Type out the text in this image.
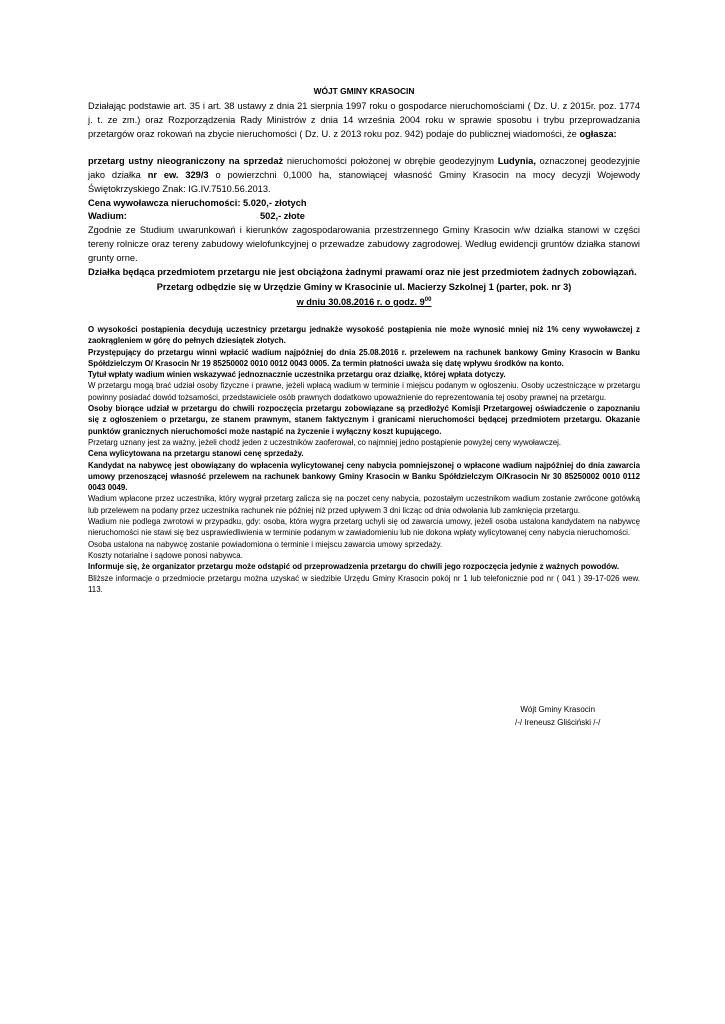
WÓJT GMINY KRASOCIN

Działając podstawie art. 35 i art. 38 ustawy z dnia 21 sierpnia 1997 roku o gospodarce nieruchomościami ( Dz. U. z 2015r. poz. 1774 j. t. ze zm.) oraz Rozporządzenia Rady Ministrów z dnia 14 września 2004 roku w sprawie sposobu i trybu przeprowadzania przetargów oraz rokowań na zbycie nieruchomości ( Dz. U. z 2013 roku poz. 942) podaje do publicznej wiadomości, że ogłasza:

przetarg ustny nieograniczony na sprzedaż nieruchomości położonej w obrębie geodezyjnym Ludynia, oznaczonej geodezyjnie jako działka nr ew. 329/3 o powierzchni 0,1000 ha, stanowiącej własność Gminy Krasocin na mocy decyzji Wojewody Świętokrzyskiego Znak: IG.IV.7510.56.2013.

Cena wywoławcza nieruchomości: 5.020,- złotych

Wadium:	502,- złote

Zgodnie ze Studium uwarunkowań i kierunków zagospodarowania przestrzennego Gminy Krasocin w/w działka stanowi w części tereny rolnicze oraz tereny zabudowy wielofunkcyjnej o przewadze zabudowy zagrodowej. Według ewidencji gruntów działka stanowi grunty orne.

Działka będąca przedmiotem przetargu nie jest obciążona żadnymi prawami oraz nie jest przedmiotem żadnych zobowiązań.

Przetarg odbędzie się w Urzędzie Gminy w Krasocinie ul. Macierzy Szkolnej 1 (parter, pok. nr 3)

w dniu 30.08.2016 r. o godz. $9^{00}$

O wysokości postąpienia decydują uczestnicy przetargu jednakże wysokość postąpienia nie może wynosić mniej niż 1% ceny wywoławczej z zaokrągleniem w górę do pełnych dziesiątek złotych.

Przystępujący do przetargu winni wpłacić wadium najpóźniej do dnia 25.08.2016 r. przelewem na rachunek bankowy Gminy Krasocin w Banku Spółdzielczym O/ Krasocin Nr 19 85250002 0010 0012 0043 0005. Za termin płatności uważa się datę wpływu środków na konto.

Tytuł wpłaty wadium winien wskazywać jednoznacznie uczestnika przetargu oraz działkę, której wpłata dotyczy.

W przetargu mogą brać udział osoby fizyczne i prawne, jeżeli wpłacą wadium w terminie i miejscu podanym w ogłoszeniu. Osoby uczestniczące w przetargu powinny posiadać dowód tożsamości, przedstawiciele osób prawnych dodatkowo upoważnienie do reprezentowania tej osoby prawnej na przetargu.

Osoby biorące udział w przetargu do chwili rozpoczęcia przetargu zobowiązane są przedłożyć Komisji Przetargowej oświadczenie o zapoznaniu się z ogłoszeniem o przetargu, ze stanem prawnym, stanem faktycznym i granicami nieruchomości będącej przedmiotem przetargu. Okazanie punktów granicznych nieruchomości może nastąpić na życzenie i wyłączny koszt kupującego.

Przetarg uznany jest za ważny, jeżeli chodź jeden z uczestników zaoferował, co najmniej jedno postąpienie powyżej ceny wywoławczej.

Cena wylicytowana na przetargu stanowi cenę sprzedaży.

Kandydat na nabywcę jest obowiązany do wpłacenia wylicytowanej ceny nabycia pomniejszonej o wpłacone wadium najpóźniej do dnia zawarcia umowy przenoszącej własność przelewem na rachunek bankowy Gminy Krasocin w Banku Spółdzielczym O/Krasocin Nr 30 85250002 0010 0112 0043 0049.

Wadium wpłacone przez uczestnika, który wygrał przetarg zalicza się na poczet ceny nabycia, pozostałym uczestnikom wadium zostanie zwrócone gotówką lub przelewem na podany przez uczestnika rachunek nie później niż przed upływem 3 dni licząc od dnia odwołania lub zamknięcia przetargu.

Wadium nie podlega zwrotowi w przypadku, gdy: osoba, która wygra przetarg uchyli się od zawarcia umowy, jeżeli osoba ustalona kandydatem na nabywcę nieruchomości nie stawi się bez usprawiedliwienia w terminie podanym w zawiadomieniu lub nie dokona wpłaty wylicytowanej ceny nabycia nieruchomości.

Osoba ustalona na nabywcę zostanie powiadomiona o terminie i miejscu zawarcia umowy sprzedaży.

Koszty notarialne i sądowe ponosi nabywca.

Informuje się, że organizator przetargu może odstąpić od przeprowadzenia przetargu do chwili jego rozpoczęcia jedynie z ważnych powodów.

Bliższe informacje o przedmiocie przetargu można uzyskać w siedzibie Urzędu Gminy Krasocin pokój nr 1 lub telefonicznie pod nr ( 041 ) 39-17-026 wew. 113.

Wójt Gminy Krasocin
/-/ Ireneusz Gliściński /-/
